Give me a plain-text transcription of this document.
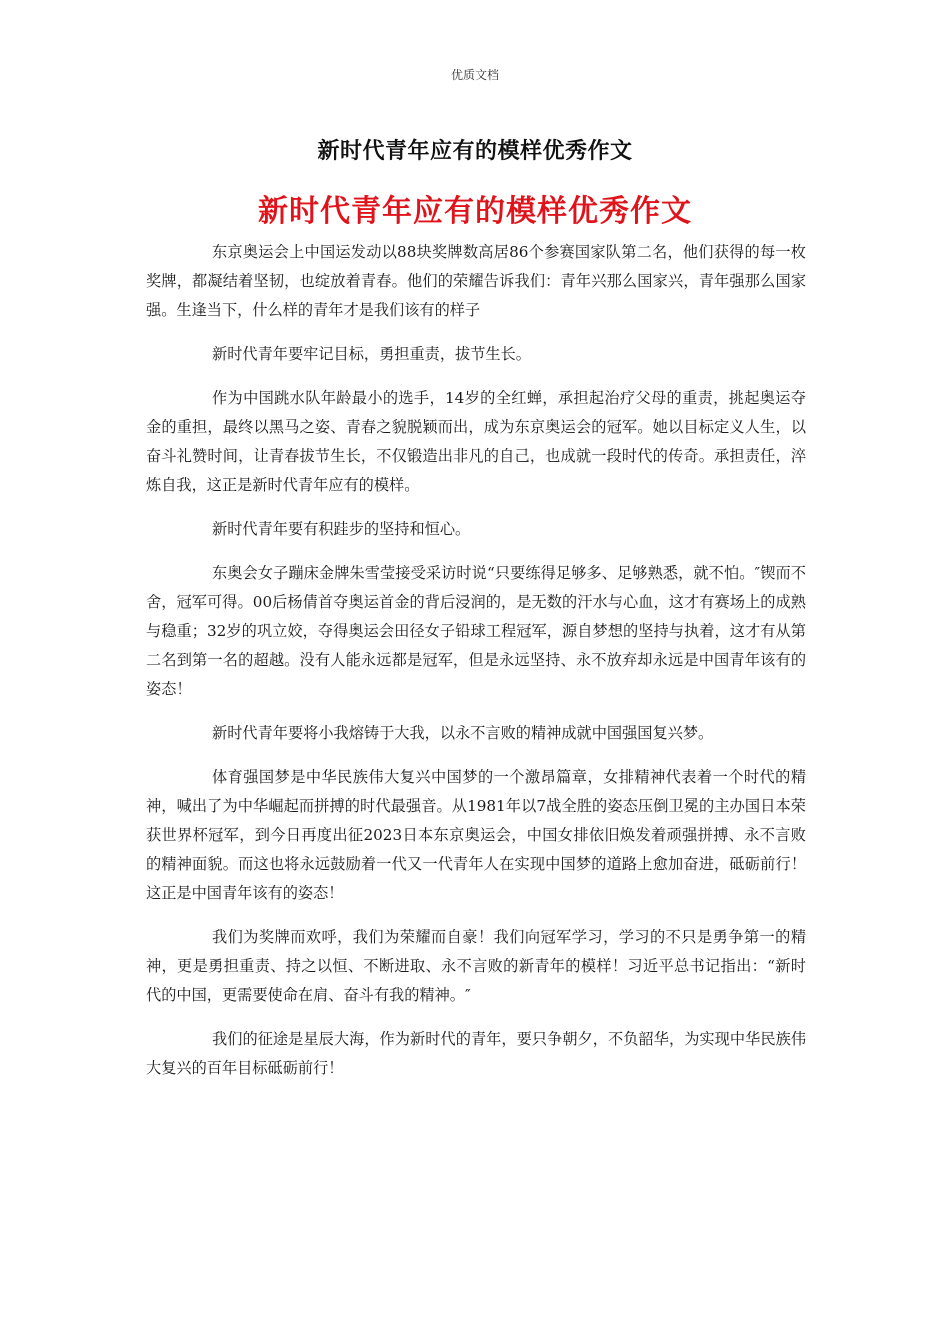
优质文档
新时代青年应有的模样优秀作文
新时代青年应有的模样优秀作文

东京奥运会上中国运发动以88块奖牌数高居86个参赛国家队第二名，他们获得的每一枚奖牌，都凝结着坚韧，也绽放着青春。他们的荣耀告诉我们：青年兴那么国家兴，青年强那么国家强。生逢当下，什么样的青年才是我们该有的样子

新时代青年要牢记目标，勇担重责，拔节生长。

作为中国跳水队年龄最小的选手，14岁的全红蝉，承担起治疗父母的重责，挑起奥运夺金的重担，最终以黑马之姿、青春之貌脱颖而出，成为东京奥运会的冠军。她以目标定义人生，以奋斗礼赞时间，让青春拔节生长，不仅锻造出非凡的自己，也成就一段时代的传奇。承担责任，淬炼自我，这正是新时代青年应有的模样。

新时代青年要有积跬步的坚持和恒心。

东奥会女子蹦床金牌朱雪莹接受采访时说“只要练得足够多、足够熟悉，就不怕。″锲而不舍，冠军可得。00后杨倩首夺奥运首金的背后浸润的，是无数的汗水与心血，这才有赛场上的成熟与稳重；32岁的巩立姣，夺得奥运会田径女子铅球工程冠军，源自梦想的坚持与执着，这才有从第二名到第一名的超越。没有人能永远都是冠军，但是永远坚持、永不放弃却永远是中国青年该有的姿态！

新时代青年要将小我熔铸于大我，以永不言败的精神成就中国强国复兴梦。

体育强国梦是中华民族伟大复兴中国梦的一个激昂篇章，女排精神代表着一个时代的精神，喊出了为中华崛起而拼搏的时代最强音。从1981年以7战全胜的姿态压倒卫冕的主办国日本荣获世界杯冠军，到今日再度出征2023日本东京奥运会，中国女排依旧焕发着顽强拼搏、永不言败的精神面貌。而这也将永远鼓励着一代又一代青年人在实现中国梦的道路上愈加奋进，砥砺前行！这正是中国青年该有的姿态！

我们为奖牌而欢呼，我们为荣耀而自豪！我们向冠军学习，学习的不只是勇争第一的精神，更是勇担重责、持之以恒、不断进取、永不言败的新青年的模样！习近平总书记指出：“新时代的中国，更需要使命在肩、奋斗有我的精神。″

我们的征途是星辰大海，作为新时代的青年，要只争朝夕，不负韶华，为实现中华民族伟大复兴的百年目标砥砺前行！
